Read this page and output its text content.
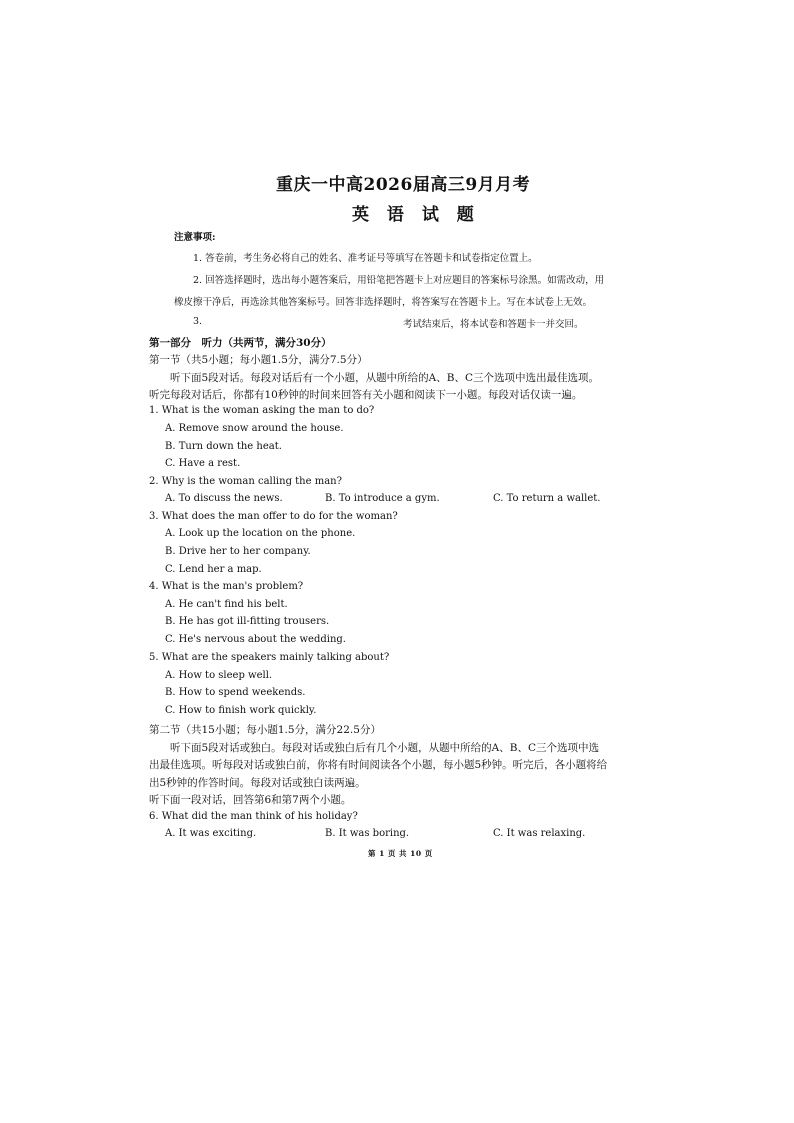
重庆一中高2026届高三9月月考
英 语 试 题
注意事项:
1. 答卷前，考生务必将自己的姓名、准考证号等填写在答题卡和试卷指定位置上。
2. 回答选择题时，选出每小题答案后，用铅笔把答题卡上对应题目的答案标号涂黑。如需改动，用
橡皮擦干净后，再选涂其他答案标号。回答非选择题时，将答案写在答题卡上。写在本试卷上无效。
3.	考试结束后，将本试卷和答题卡一并交回。
第一部分　听力（共两节，满分30分）
第一节（共5小题；每小题1.5分，满分7.5分）
听下面5段对话。每段对话后有一个小题，从题中所给的A、B、C三个选项中选出最佳选项。
听完每段对话后，你都有10秒钟的时间来回答有关小题和阅读下一小题。每段对话仅读一遍。
1. What is the woman asking the man to do?
A. Remove snow around the house.
B. Turn down the heat.
C. Have a rest.
2. Why is the woman calling the man?
A. To discuss the news.	B. To introduce a gym.	C. To return a wallet.
3. What does the man offer to do for the woman?
A. Look up the location on the phone.
B. Drive her to her company.
C. Lend her a map.
4. What is the man's problem?
A. He can't find his belt.
B. He has got ill-fitting trousers.
C. He's nervous about the wedding.
5. What are the speakers mainly talking about?
A. How to sleep well.
B. How to spend weekends.
C. How to finish work quickly.
第二节（共15小题；每小题1.5分，满分22.5分）
听下面5段对话或独白。每段对话或独白后有几个小题，从题中所给的A、B、C三个选项中选
出最佳选项。听每段对话或独白前，你将有时间阅读各个小题，每小题5秒钟。听完后，各小题将给
出5秒钟的作答时间。每段对话或独白读两遍。
听下面一段对话，回答第6和第7两个小题。
6. What did the man think of his holiday?
A. It was exciting.	B. It was boring.	C. It was relaxing.
第 1 页 共 10 页
